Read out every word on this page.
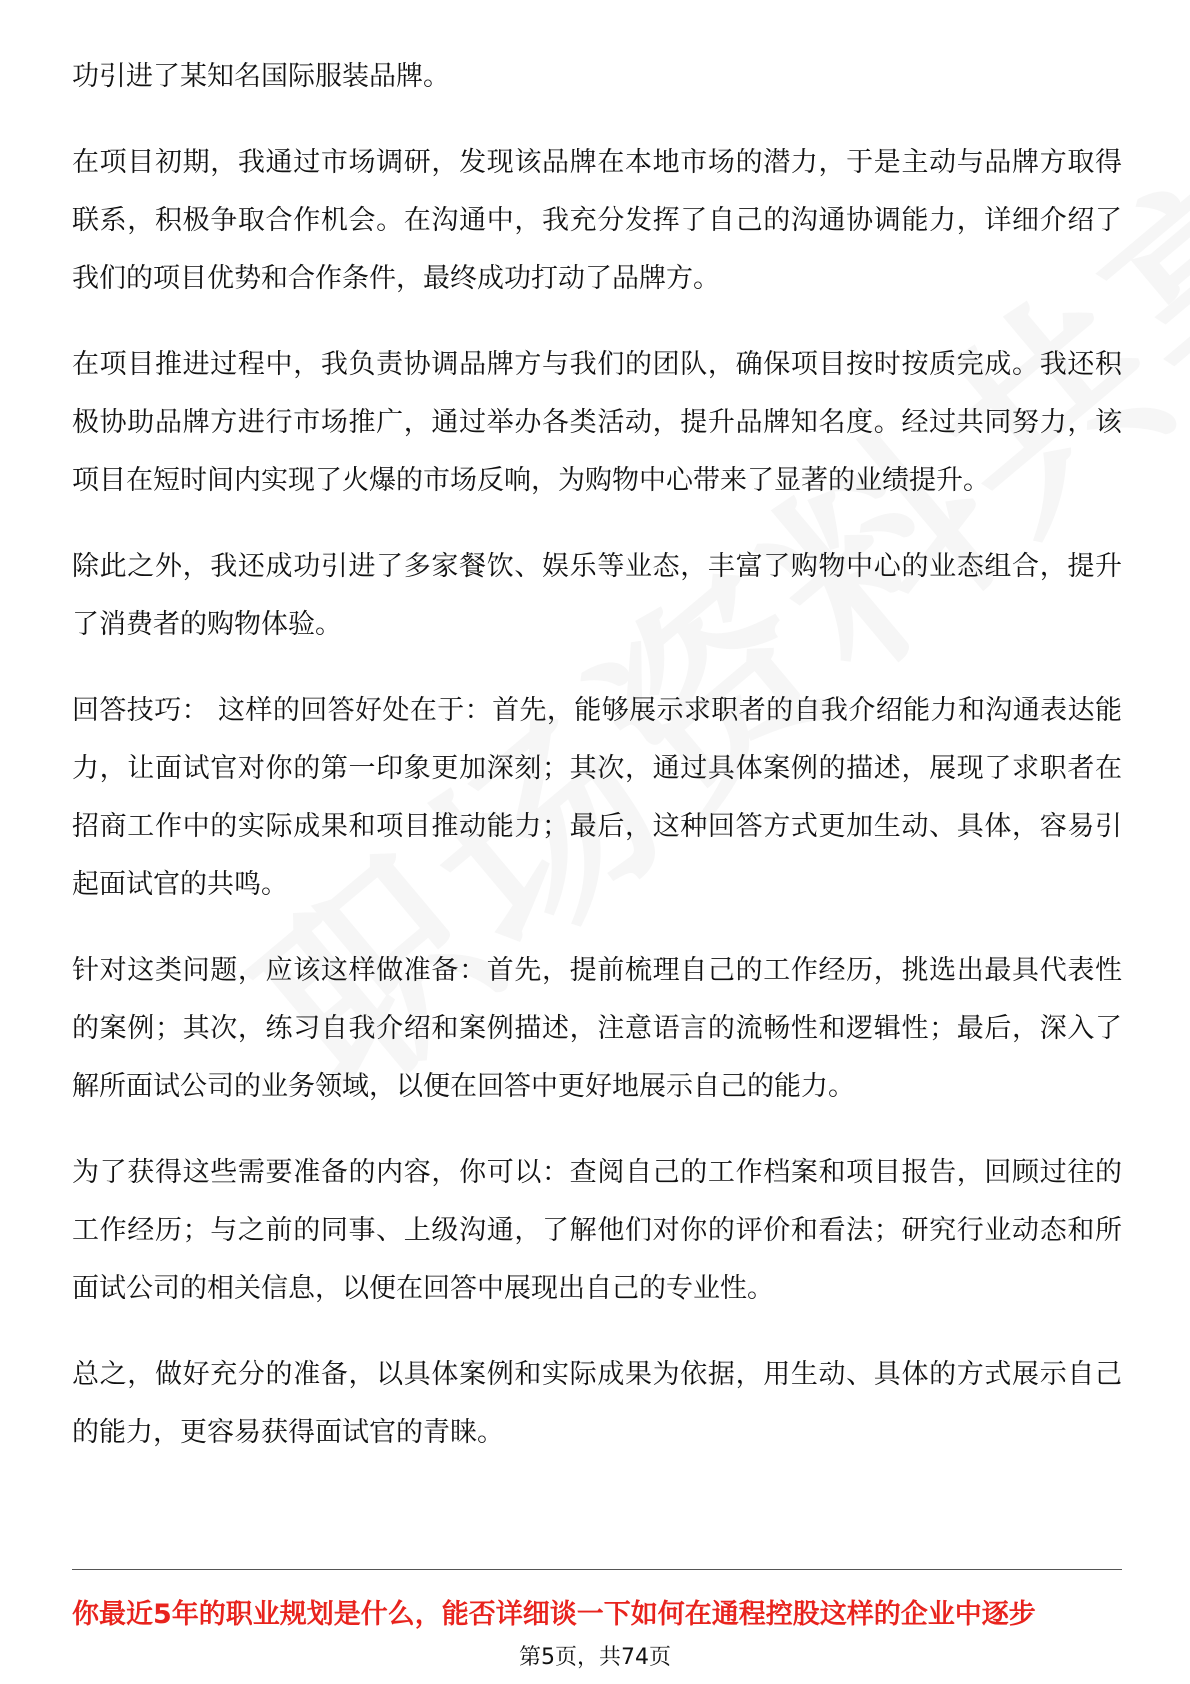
功引进了某知名国际服装品牌。

在项目初期，我通过市场调研，发现该品牌在本地市场的潜力，于是主动与品牌方取得联系，积极争取合作机会。在沟通中，我充分发挥了自己的沟通协调能力，详细介绍了我们的项目优势和合作条件，最终成功打动了品牌方。

在项目推进过程中，我负责协调品牌方与我们的团队，确保项目按时按质完成。我还积极协助品牌方进行市场推广，通过举办各类活动，提升品牌知名度。经过共同努力，该项目在短时间内实现了火爆的市场反响，为购物中心带来了显著的业绩提升。

除此之外，我还成功引进了多家餐饮、娱乐等业态，丰富了购物中心的业态组合，提升了消费者的购物体验。

回答技巧： 这样的回答好处在于：首先，能够展示求职者的自我介绍能力和沟通表达能力，让面试官对你的第一印象更加深刻；其次，通过具体案例的描述，展现了求职者在招商工作中的实际成果和项目推动能力；最后，这种回答方式更加生动、具体，容易引起面试官的共鸣。

针对这类问题，应该这样做准备：首先，提前梳理自己的工作经历，挑选出最具代表性的案例；其次，练习自我介绍和案例描述，注意语言的流畅性和逻辑性；最后，深入了解所面试公司的业务领域，以便在回答中更好地展示自己的能力。

为了获得这些需要准备的内容，你可以：查阅自己的工作档案和项目报告，回顾过往的工作经历；与之前的同事、上级沟通，了解他们对你的评价和看法；研究行业动态和所面试公司的相关信息，以便在回答中展现出自己的专业性。

总之，做好充分的准备，以具体案例和实际成果为依据，用生动、具体的方式展示自己的能力，更容易获得面试官的青睐。

你最近5年的职业规划是什么，能否详细谈一下如何在通程控股这样的企业中逐步
第5页，共74页
